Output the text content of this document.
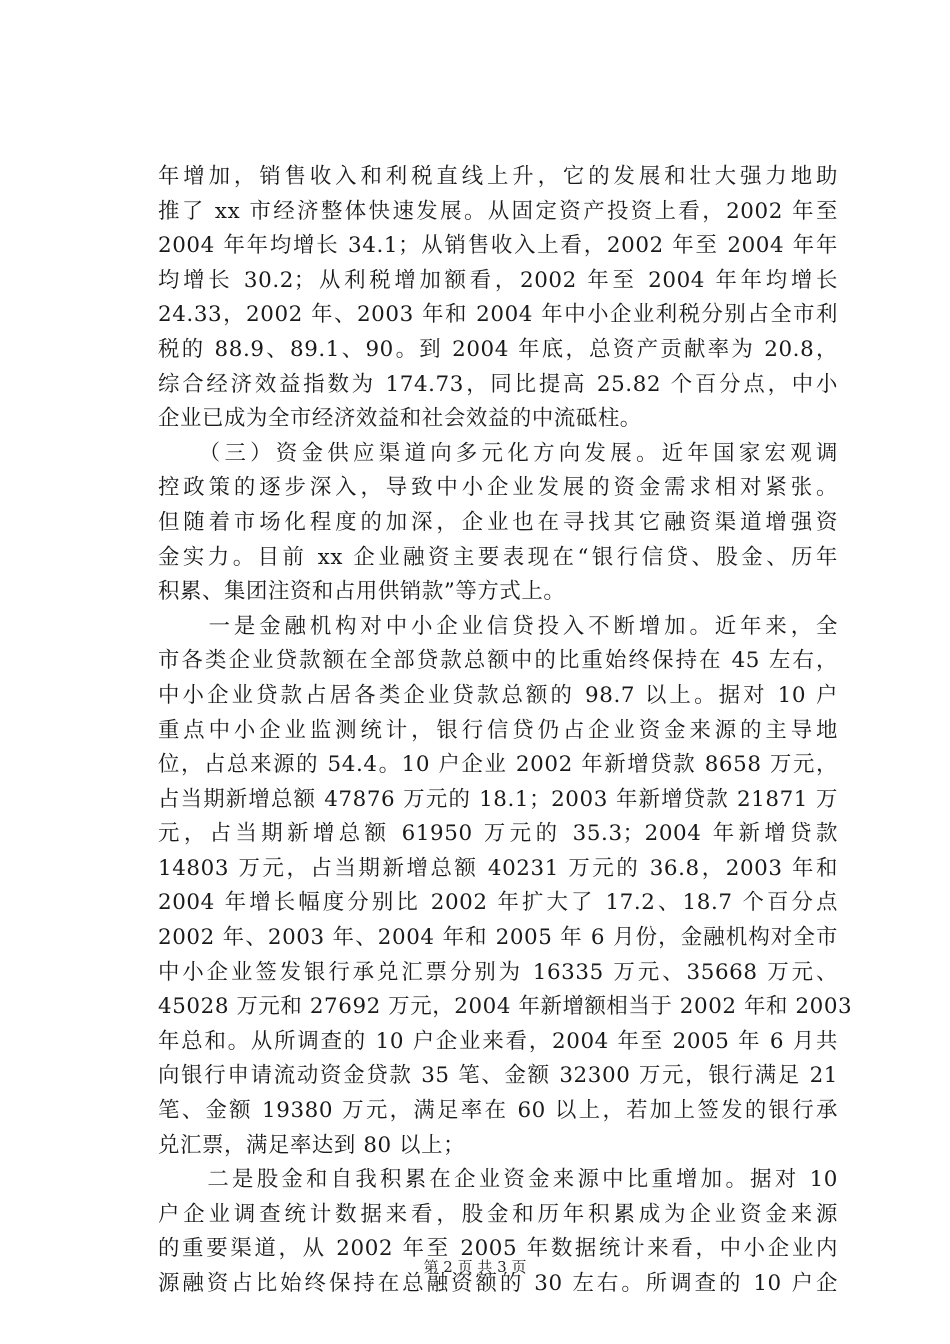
年增加，销售收入和利税直线上升，它的发展和壮大强力地助
推了 xx 市经济整体快速发展。从固定资产投资上看，2002 年至
2004 年年均增长 34.1；从销售收入上看，2002 年至 2004 年年
均增长 30.2；从利税增加额看，2002 年至 2004 年年均增长
24.33，2002 年、2003 年和 2004 年中小企业利税分别占全市利
税的 88.9、89.1、90。到 2004 年底，总资产贡献率为 20.8，
综合经济效益指数为 174.73，同比提高 25.82 个百分点，中小
企业已成为全市经济效益和社会效益的中流砥柱。
　　（三）资金供应渠道向多元化方向发展。近年国家宏观调
控政策的逐步深入，导致中小企业发展的资金需求相对紧张。
但随着市场化程度的加深，企业也在寻找其它融资渠道增强资
金实力。目前 xx 企业融资主要表现在“银行信贷、股金、历年
积累、集团注资和占用供销款”等方式上。
　　一是金融机构对中小企业信贷投入不断增加。近年来，全
市各类企业贷款额在全部贷款总额中的比重始终保持在 45 左右，
中小企业贷款占居各类企业贷款总额的 98.7 以上。据对 10 户
重点中小企业监测统计，银行信贷仍占企业资金来源的主导地
位，占总来源的 54.4。10 户企业 2002 年新增贷款 8658 万元，
占当期新增总额 47876 万元的 18.1；2003 年新增贷款 21871 万
元，占当期新增总额 61950 万元的 35.3；2004 年新增贷款
14803 万元，占当期新增总额 40231 万元的 36.8，2003 年和
2004 年增长幅度分别比 2002 年扩大了 17.2、18.7 个百分点
2002 年、2003 年、2004 年和 2005 年 6 月份，金融机构对全市
中小企业签发银行承兑汇票分别为 16335 万元、35668 万元、
45028 万元和 27692 万元，2004 年新增额相当于 2002 年和 2003
年总和。从所调查的 10 户企业来看，2004 年至 2005 年 6 月共
向银行申请流动资金贷款 35 笔、金额 32300 万元，银行满足 21
笔、金额 19380 万元，满足率在 60 以上，若加上签发的银行承
兑汇票，满足率达到 80 以上；
　　二是股金和自我积累在企业资金来源中比重增加。据对 10
户企业调查统计数据来看，股金和历年积累成为企业资金来源
的重要渠道，从 2002 年至 2005 年数据统计来看，中小企业内
源融资占比始终保持在总融资额的 30 左右。所调查的 10 户企
第 2 页 共 3 页
